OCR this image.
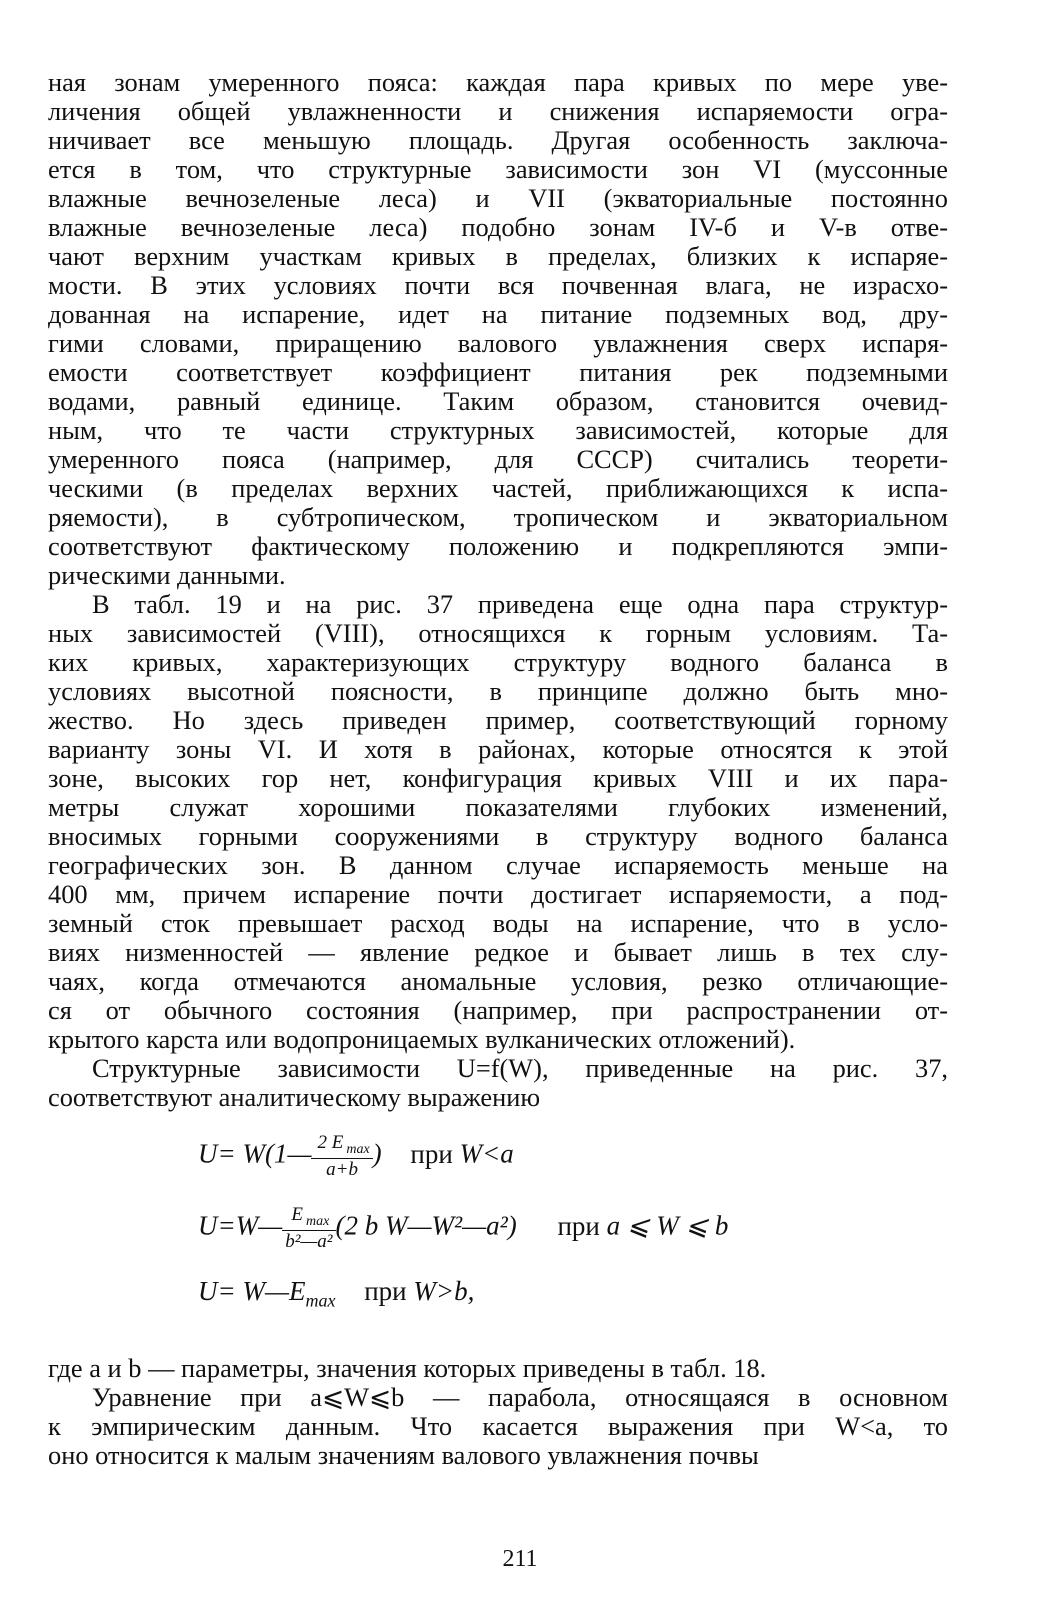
ная зонам умеренного пояса: каждая пара кривых по мере уве-
личения общей увлажненности и снижения испаряемости огра-
ничивает все меньшую площадь. Другая особенность заключа-
ется в том, что структурные зависимости зон VI (муссонные
влажные вечнозеленые леса) и VII (экваториальные постоянно
влажные вечнозеленые леса) подобно зонам IV-б и V-в отве-
чают верхним участкам кривых в пределах, близких к испаряе-
мости. В этих условиях почти вся почвенная влага, не израсхо-
дованная на испарение, идет на питание подземных вод, дру-
гими словами, приращению валового увлажнения сверх испаря-
емости соответствует коэффициент питания рек подземными
водами, равный единице. Таким образом, становится очевид-
ным, что те части структурных зависимостей, которые для
умеренного пояса (например, для СССР) считались теорети-
ческими (в пределах верхних частей, приближающихся к испа-
ряемости), в субтропическом, тропическом и экваториальном
соответствуют фактическому положению и подкрепляются эмпи-
рическими данными.
В табл. 19 и на рис. 37 приведена еще одна пара структур-
ных зависимостей (VIII), относящихся к горным условиям. Та-
ких кривых, характеризующих структуру водного баланса в
условиях высотной поясности, в принципе должно быть мно-
жество. Но здесь приведен пример, соответствующий горному
варианту зоны VI. И хотя в районах, которые относятся к этой
зоне, высоких гор нет, конфигурация кривых VIII и их пара-
метры служат хорошими показателями глубоких изменений,
вносимых горными сооружениями в структуру водного баланса
географических зон. В данном случае испаряемость меньше на
400 мм, причем испарение почти достигает испаряемости, а под-
земный сток превышает расход воды на испарение, что в усло-
виях низменностей — явление редкое и бывает лишь в тех слу-
чаях, когда отмечаются аномальные условия, резко отличающие-
ся от обычного состояния (например, при распространении от-
крытого карста или водопроницаемых вулканических отложений).
Структурные зависимости U=f(W), приведенные на рис. 37,
соответствуют аналитическому выражению
U= W(1— $\frac{2 E _{max}}{a+b}$ ) при W<a
U=W— $\frac{E _{max}}{\text{b²—a²}} (2$ b W—W²—a²) при a ⩽ W ⩽ b
$U= W—E_{max}$ при W>b,
где a и b — параметры, значения которых приведены в табл. 18.
Уравнение при a⩽W⩽b — парабола, относящаяся в основном
к эмпирическим данным. Что касается выражения при W<a, то
оно относится к малым значениям валового увлажнения почвы
211
